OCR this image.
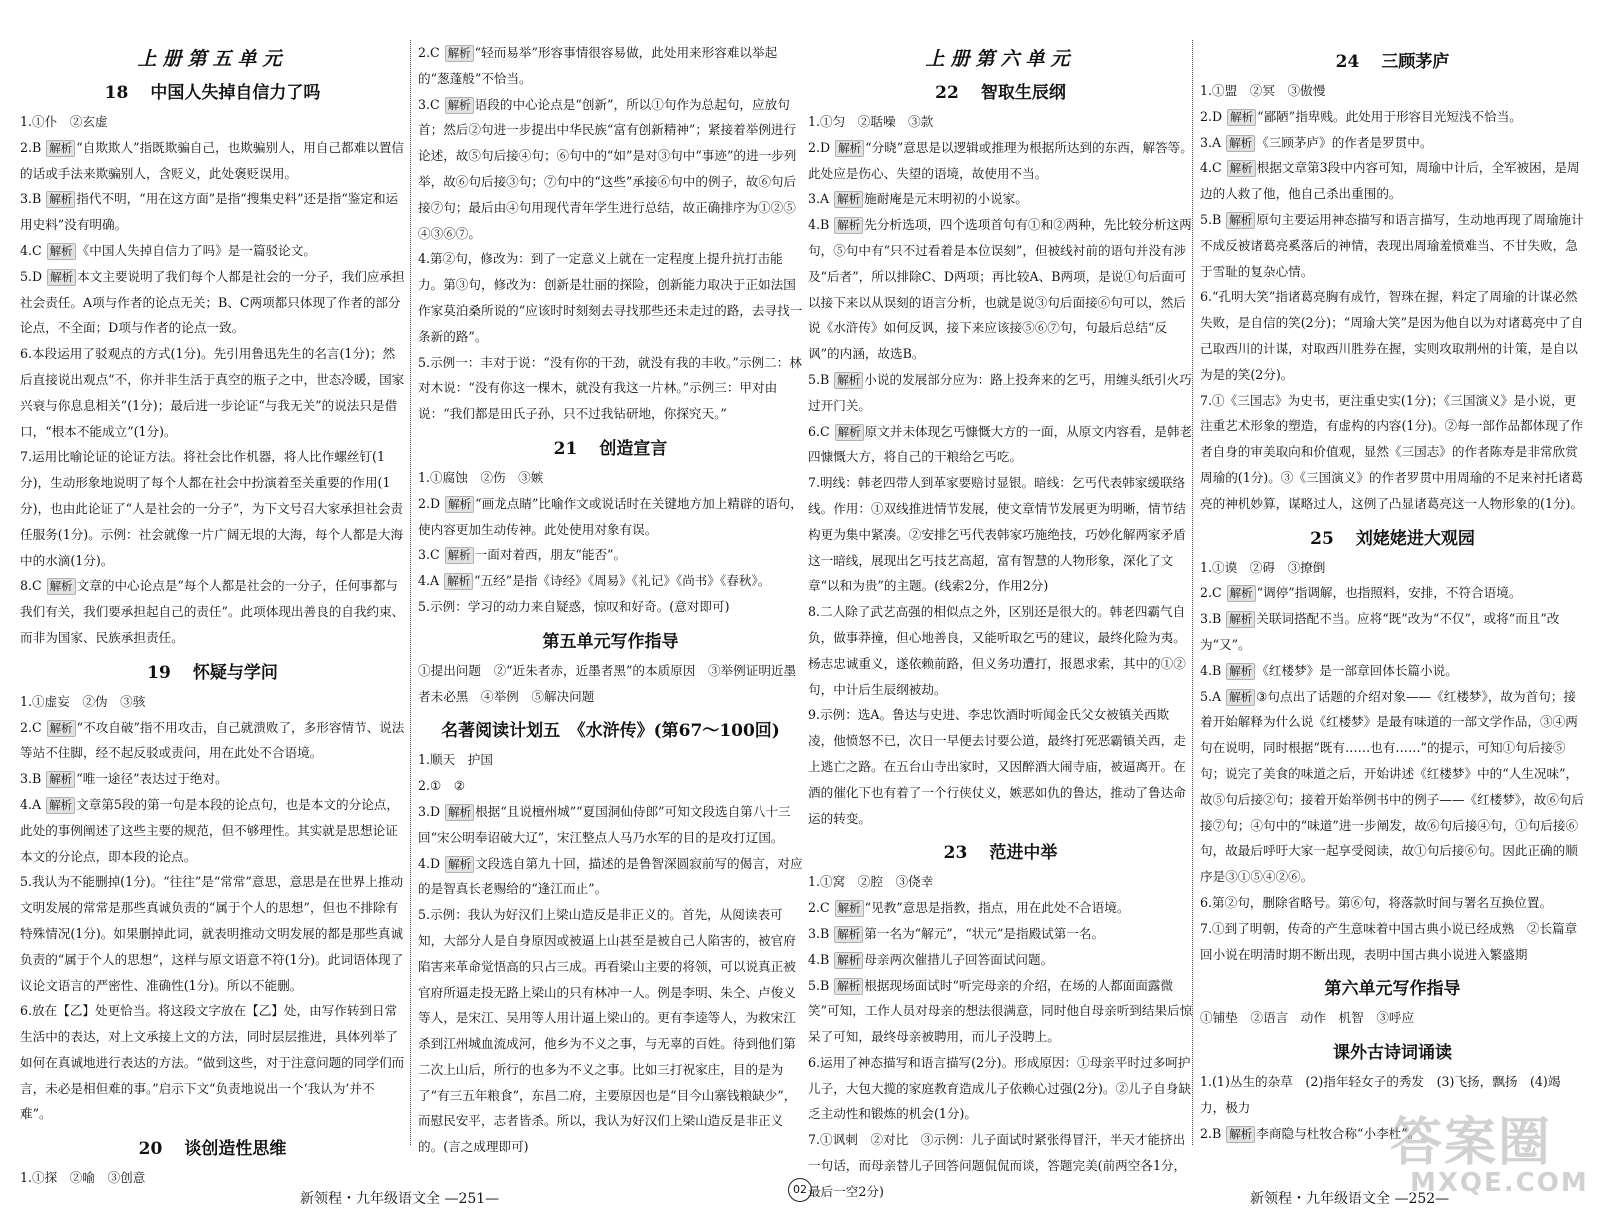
上册第五单元
18 中国人失掉自信力了吗

1.①仆　②玄虚

2.B 解析 “自欺欺人”指既欺骗自己，也欺骗别人，用自己都难以置信的话或手法来欺骗别人，含贬义，此处褒贬误用。

3.B 解析 指代不明，“用在这方面”是指“搜集史料”还是指“鉴定和运用史料”没有明确。

4.C 解析 《中国人失掉自信力了吗》是一篇驳论文。

5.D 解析 本文主要说明了我们每个人都是社会的一分子，我们应承担社会责任。A项与作者的论点无关；B、C两项都只体现了作者的部分论点，不全面；D项与作者的论点一致。

6.本段运用了驳观点的方式(1分)。先引用鲁迅先生的名言(1分)；然后直接说出观点“不，你并非生活于真空的瓶子之中，世态冷暖，国家兴衰与你息息相关”(1分)；最后进一步论证“与我无关”的说法只是借口，“根本不能成立”(1分)。

7.运用比喻论证的论证方法。将社会比作机器，将人比作螺丝钉(1分)，生动形象地说明了每个人都在社会中扮演着至关重要的作用(1分)，也由此论证了“人是社会的一分子”，为下文号召大家承担社会责任服务(1分)。示例：社会就像一片广阔无垠的大海，每个人都是大海中的水滴(1分)。

8.C 解析 文章的中心论点是“每个人都是社会的一分子，任何事都与我们有关，我们要承担起自己的责任”。此项体现出善良的自我约束、而非为国家、民族承担责任。

19 怀疑与学问

1.①虚妄　②伪　③骇

2.C 解析 “不攻自破”指不用攻击，自己就溃败了，多形容情节、说法等站不住脚，经不起反驳或责问，用在此处不合语境。

3.B 解析 “唯一途径”表达过于绝对。

4.A 解析 文章第5段的第一句是本段的论点句，也是本文的分论点，此处的事例阐述了这些主要的规范，但不够理性。其实就是思想论证本文的分论点，即本段的论点。

5.我认为不能删掉(1分)。“往往”是“常常”意思，意思是在世界上推动文明发展的常常是那些真诚负责的“属于个人的思想”，但也不排除有特殊情况(1分)。如果删掉此词，就表明推动文明发展的都是那些真诚负责的“属于个人的思想”，这样与原文语意不符(1分)。此词语体现了议论文语言的严密性、准确性(1分)。所以不能删。

6.放在【乙】处更恰当。将这段文字放在【乙】处，由写作转到日常生活中的表达，对上文承接上文的方法，同时层层推进，具体列举了如何在真诚地进行表达的方法。“做到这些，对于注意问题的同学们而言，未必是相但难的事。”启示下文“负责地说出一个‘我认为’并不难”。

20 谈创造性思维

1.①探　②喻　③创意

2.C 解析 “轻而易举”形容事情很容易做，此处用来形容难以举起的“葱蓬般”不恰当。

3.C 解析 语段的中心论点是“创新”，所以①句作为总起句，应放句首；然后②句进一步提出中华民族“富有创新精神”；紧接着举例进行论述，故⑤句后接④句；⑥句中的“如”是对③句中“事迹”的进一步列举，故⑥句后接③句；⑦句中的“这些”承接⑥句中的例子，故⑥句后接⑦句；最后由④句用现代青年学生进行总结，故正确排序为①②⑤④③⑥⑦。

4.第②句，修改为：到了一定意义上就在一定程度上提升抗打击能力。第③句，修改为：创新是壮丽的探险，创新能力取决于正如法国作家莫泊桑所说的“应该时时刻刻去寻找那些还未走过的路，去寻找一条新的路”。

5.示例一：丰对于说：“没有你的干劲，就没有我的丰收。”示例二：林对木说：“没有你这一棵木，就没有我这一片林。”示例三：甲对由说：“我们都是田氏子孙，只不过我钻研地，你探究天。”

21 创造宣言

1.①腐蚀　②伤　③嫉

2.D 解析 “画龙点睛”比喻作文或说话时在关键地方加上精辟的语句，使内容更加生动传神。此处使用对象有误。

3.C 解析 一面对着西，朋友“能否”。

4.A 解析 “五经”是指《诗经》《周易》《礼记》《尚书》《春秋》。

5.示例：学习的动力来自疑惑，惊叹和好奇。(意对即可)

第五单元写作指导

①提出问题　②“近朱者赤，近墨者黑”的本质原因　③举例证明近墨者未必黑　④举例　⑤解决问题

名著阅读计划五　《水浒传》(第67～100回)

1.顺天　护国

2.①　②

3.D 解析 根据“且说檀州城”“夏国洞仙侍郎”可知文段选自第八十三回“宋公明奉诏破大辽”，宋江整点人马乃水军的目的是攻打辽国。

4.D 解析 文段选自第九十回，描述的是鲁智深圆寂前写的偈言，对应的是智真长老赐给的“逢江而止”。

5.示例：我认为好汉们上梁山造反是非正义的。首先，从阅读表可知，大部分人是自身原因或被逼上山甚至是被自己人陷害的，被官府陷害来革命觉悟高的只占三成。再看梁山主要的将领，可以说真正被官府所逼走投无路上梁山的只有林冲一人。例是李明、朱仝、卢俊义等人，是宋江、吴用等人用计逼上梁山的。更有李逵等人，为救宋江杀到江州城血流成河，他乡为不义之事，与无辜的百姓。待到他们第二次上山后，所行的也多为不义之事。比如三打祝家庄，目的是为了“有三五年粮食”，东昌二府，主要原因也是“目今山寨钱粮缺少”，而慰民安平，志者皆杀。所以，我认为好汉们上梁山造反是非正义的。(言之成理即可)

上册第六单元
22 智取生辰纲

1.①匀　②聒噪　③款

2.D 解析 “分晓”意思是以逻辑或推理为根据所达到的东西，解答等。此处应是伤心、失望的语境，故使用不当。

3.A 解析 施耐庵是元末明初的小说家。

4.B 解析 先分析选项，四个选项首句有①和②两种，先比较分析这两句，⑤句中有“只不过看着是本位误刻”，但被线衬前的语句并没有涉及“后者”，所以排除C、D两项；再比较A、B两项，是说①句后面可以接下来以从误刻的语言分析，也就是说③句后面接⑥句可以，然后说《水浒传》如何反讽，接下来应该接⑤⑥⑦句，句最后总结“反讽”的内涵，故选B。

5.B 解析 小说的发展部分应为：路上投奔来的乞丐，用缠头纸引火巧过开门关。

6.C 解析 原文并未体现乞丐慷慨大方的一面，从原文内容看，是韩老四慷慨大方，将自己的干粮给乞丐吃。

7.明线：韩老四带人到革家要赔讨显银。暗线：乞丐代表韩家缓联络线。作用：①双线推进情节发展，使文章情节发展更为明晰，情节结构更为集中紧凑。②安排乞丐代表韩家巧施绝技，巧妙化解两家矛盾这一暗线，展现出乞丐技艺高超，富有智慧的人物形象，深化了文章“以和为贵”的主题。(线索2分，作用2分)

8.二人除了武艺高强的相似点之外，区别还是很大的。韩老四霸气自负，做事莽撞，但心地善良，又能听取乞丐的建议，最终化险为夷。杨志忠诚重义，遂依赖前路，但义务功遭打，报恩求索，其中的①②句，中计后生辰纲被劫。

9.示例：选A。鲁达与史进、李忠饮酒时听闻金氏父女被镇关西欺凌，他愤怒不已，次日一早便去讨要公道，最终打死恶霸镇关西，走上逃亡之路。在五台山寺出家时，又因醉酒大闹寺庙，被逼离开。在酒的催化下也有着了一个行侠仗义，嫉恶如仇的鲁达，推动了鲁达命运的转变。

23 范进中举

1.①窝　②腔　③侥幸

2.C 解析 “见教”意思是指教，指点，用在此处不合语境。

3.B 解析 第一名为“解元”，“状元”是指殿试第一名。

4.B 解析 母亲两次催措儿子回答面试问题。

5.B 解析 根据现场面试时“听完母亲的介绍，在场的人都面面露微笑”可知，工作人员对母亲的想法很满意，同时他自母亲听到结果后惊呆了可知，最终母亲被聘用，而儿子没聘上。

6.运用了神态描写和语言描写(2分)。形成原因：①母亲平时过多呵护儿子，大包大揽的家庭教育造成儿子依赖心过强(2分)。②儿子自身缺乏主动性和锻炼的机会(1分)。

7.①讽刺　②对比　③示例：儿子面试时紧张得冒汗，半天才能挤出一句话，而母亲替儿子回答问题侃侃而谈，答题完美(前两空各1分，最后一空2分)

24 三顾茅庐

1.①盟　②冥　③傲慢

2.D 解析 “鄙陋”指卑贱。此处用于形容目光短浅不恰当。

3.A 解析 《三顾茅庐》的作者是罗贯中。

4.C 解析 根据文章第3段中内容可知，周瑜中计后，全军被困，是周边的人救了他，他自己杀出重围的。

5.B 解析 原句主要运用神态描写和语言描写，生动地再现了周瑜施计不成反被诸葛亮奚落后的神情，表现出周瑜羞愤难当、不甘失败，急于雪耻的复杂心情。

6.“孔明大笑”指诸葛亮胸有成竹，智珠在握，料定了周瑜的计谋必然失败，是自信的笑(2分)；“周瑜大笑”是因为他自以为对诸葛亮中了自己取西川的计谋，对取西川胜券在握，实则攻取荆州的计策，是自以为是的笑(2分)。

7.①《三国志》为史书，更注重史实(1分)；《三国演义》是小说，更注重艺术形象的塑造，有虚构的内容(1分)。②每一部作品都体现了作者自身的审美取向和价值观，显然《三国志》的作者陈寿是非常欣赏周瑜的(1分)。③《三国演义》的作者罗贯中用周瑜的不足来衬托诸葛亮的神机妙算，谋略过人，这例了凸显诸葛亮这一人物形象的(1分)。

25 刘姥姥进大观园

1.①谟　②碍　③撩倒

2.C 解析 “调停”指调解，也指照料，安排，不符合语境。

3.B 解析 关联词搭配不当。应将“既”改为“不仅”，或将“而且”改为“又”。

4.B 解析 《红楼梦》是一部章回体长篇小说。

5.A 解析 ③句点出了话题的介绍对象——《红楼梦》，故为首句；接着开始解释为什么说《红楼梦》是最有味道的一部文学作品，③④两句在说明，同时根据“既有……也有……”的提示，可知①句后接⑤句；说完了美食的味道之后，开始讲述《红楼梦》中的“人生况味”，故⑤句后接②句；接着开始举例书中的例子——《红楼梦》，故⑥句后接⑦句；④句中的“味道”进一步阐发，故⑥句后接④句，①句后接⑥句，故最后呼吁大家一起享受阅读，故①句后接⑥句。因此正确的顺序是③①⑤④②⑥。

6.第②句，删除省略号。第⑥句，将落款时间与署名互换位置。

7.①到了明朝，传奇的产生意味着中国古典小说已经成熟　②长篇章回小说在明清时期不断出现，表明中国古典小说进入繁盛期

第六单元写作指导

①铺垫　②语言　动作　机智　③呼应

课外古诗词诵读

1.(1)丛生的杂草　(2)指年轻女子的秀发　(3)飞扬，飘扬　(4)竭力，极力

2.B 解析 李商隐与杜牧合称“小李杜”。

新领程・九年级语文全 —251—	新领程・九年级语文全 —252—
02
答案圈
MXQE.COM
